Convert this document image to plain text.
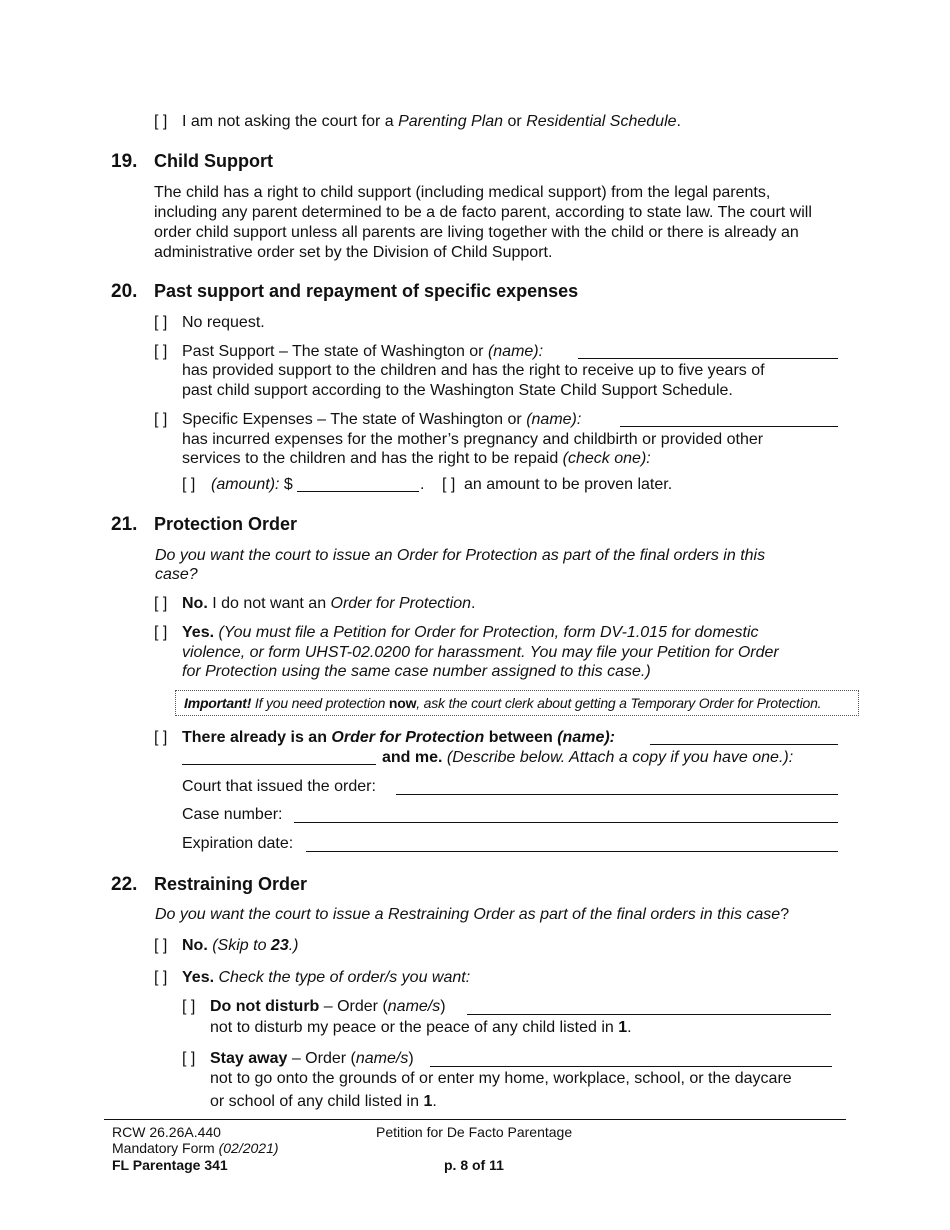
[ ] I am not asking the court for a Parenting Plan or Residential Schedule.
19. Child Support
The child has a right to child support (including medical support) from the legal parents,
including any parent determined to be a de facto parent, according to state law. The court will
order child support unless all parents are living together with the child or there is already an
administrative order set by the Division of Child Support.
20. Past support and repayment of specific expenses
[ ] No request.
[ ] Past Support – The state of Washington or (name):
has provided support to the children and has the right to receive up to five years of
past child support according to the Washington State Child Support Schedule.
[ ] Specific Expenses – The state of Washington or (name):
has incurred expenses for the mother’s pregnancy and childbirth or provided other
services to the children and has the right to be repaid (check one):
[ ] (amount): $	. [ ] an amount to be proven later.
21. Protection Order
Do you want the court to issue an Order for Protection as part of the final orders in this
case?
[ ] No. I do not want an Order for Protection.
[ ] Yes. (You must file a Petition for Order for Protection, form DV-1.015 for domestic
violence, or form UHST-02.0200 for harassment. You may file your Petition for Order
for Protection using the same case number assigned to this case.)
Important! If you need protection now, ask the court clerk about getting a Temporary Order for Protection.
[ ] There already is an Order for Protection between (name):
and me. (Describe below. Attach a copy if you have one.):
Court that issued the order:
Case number:
Expiration date:
22. Restraining Order
Do you want the court to issue a Restraining Order as part of the final orders in this case?
[ ] No. (Skip to 23.)
[ ] Yes. Check the type of order/s you want:
[ ] Do not disturb – Order (name/s)
not to disturb my peace or the peace of any child listed in 1.
[ ] Stay away – Order (name/s)
not to go onto the grounds of or enter my home, workplace, school, or the daycare
or school of any child listed in 1.
RCW 26.26A.440
Mandatory Form (02/2021)
FL Parentage 341
Petition for De Facto Parentage
p. 8 of 11
